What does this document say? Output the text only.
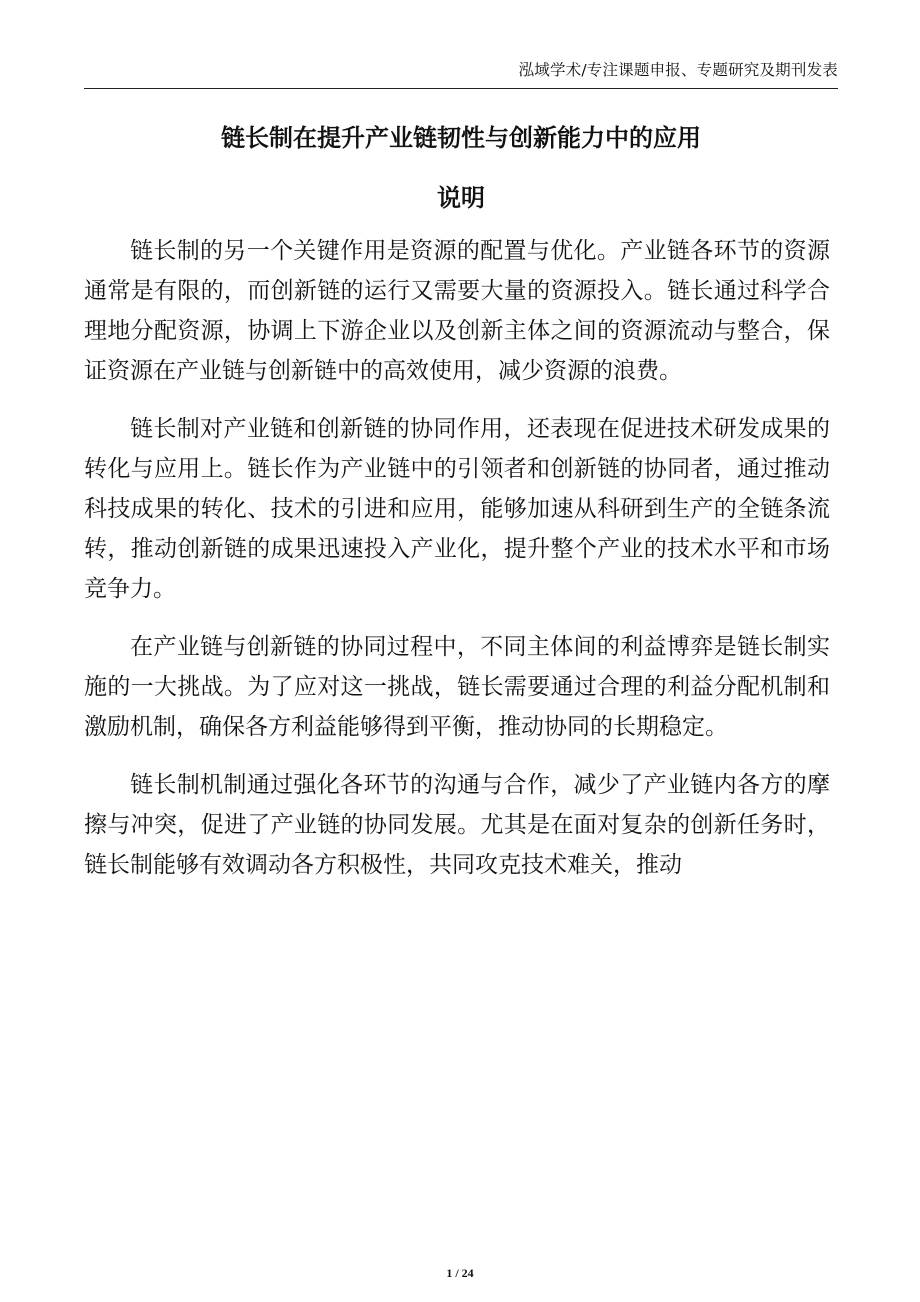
泓域学术/专注课题申报、专题研究及期刊发表
链长制在提升产业链韧性与创新能力中的应用
说明

链长制的另一个关键作用是资源的配置与优化。产业链各环节的资源通常是有限的，而创新链的运行又需要大量的资源投入。链长通过科学合理地分配资源，协调上下游企业以及创新主体之间的资源流动与整合，保证资源在产业链与创新链中的高效使用，减少资源的浪费。

链长制对产业链和创新链的协同作用，还表现在促进技术研发成果的转化与应用上。链长作为产业链中的引领者和创新链的协同者，通过推动科技成果的转化、技术的引进和应用，能够加速从科研到生产的全链条流转，推动创新链的成果迅速投入产业化，提升整个产业的技术水平和市场竞争力。

在产业链与创新链的协同过程中，不同主体间的利益博弈是链长制实施的一大挑战。为了应对这一挑战，链长需要通过合理的利益分配机制和激励机制，确保各方利益能够得到平衡，推动协同的长期稳定。

链长制机制通过强化各环节的沟通与合作，减少了产业链内各方的摩擦与冲突，促进了产业链的协同发展。尤其是在面对复杂的创新任务时，链长制能够有效调动各方积极性，共同攻克技术难关，推动

1 / 24
